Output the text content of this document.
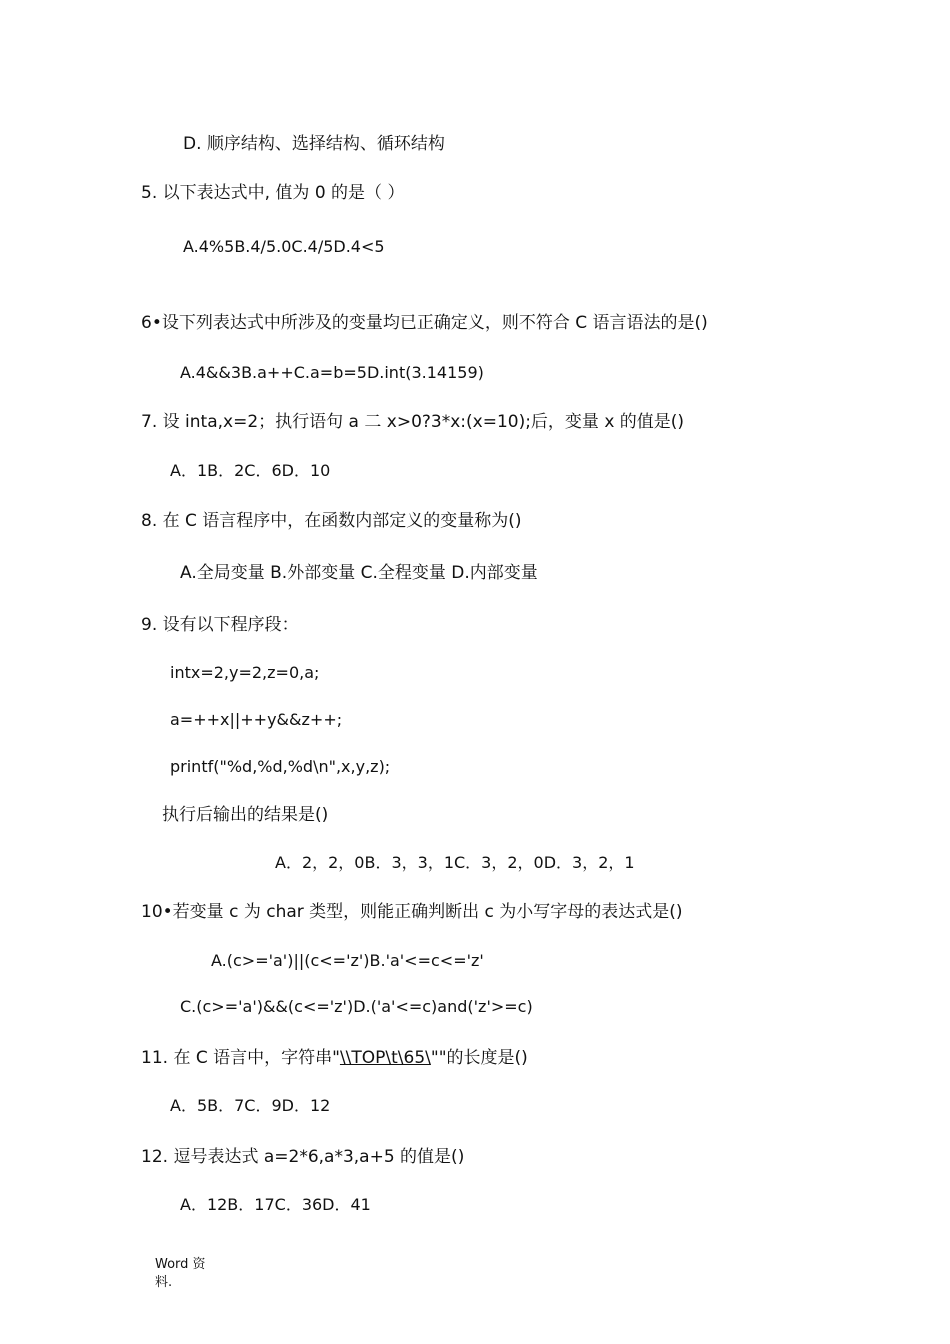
D. 顺序结构、选择结构、循环结构
5. 以下表达式中, 值为 0 的是（ ）
A.4%5B.4/5.0C.4/5D.4<5
6•设下列表达式中所涉及的变量均已正确定义，则不符合 C 语言语法的是()
A.4&&3B.a++C.a=b=5D.int(3.14159)
7. 设 inta,x=2；执行语句 a 二 x>0?3*x:(x=10);后，变量 x 的值是()
A．1B．2C．6D．10
8. 在 C 语言程序中，在函数内部定义的变量称为()
A.全局变量 B.外部变量 C.全程变量 D.内部变量
9. 设有以下程序段：
intx=2,y=2,z=0,a;
a=++x||++y&&z++;
printf("%d,%d,%d\n",x,y,z);
执行后输出的结果是()
A．2，2，0B．3，3，1C．3，2，0D．3，2，1
10•若变量 c 为 char 类型，则能正确判断出 c 为小写字母的表达式是()
A.(c>='a')||(c<='z')B.'a'<=c<='z'
C.(c>='a')&&(c<='z')D.('a'<=c)and('z'>=c)
11. 在 C 语言中，字符串"\\TOP\t\65\""的长度是()
A．5B．7C．9D．12
12. 逗号表达式 a=2*6,a*3,a+5 的值是()
A．12B．17C．36D．41
Word 资
料.
